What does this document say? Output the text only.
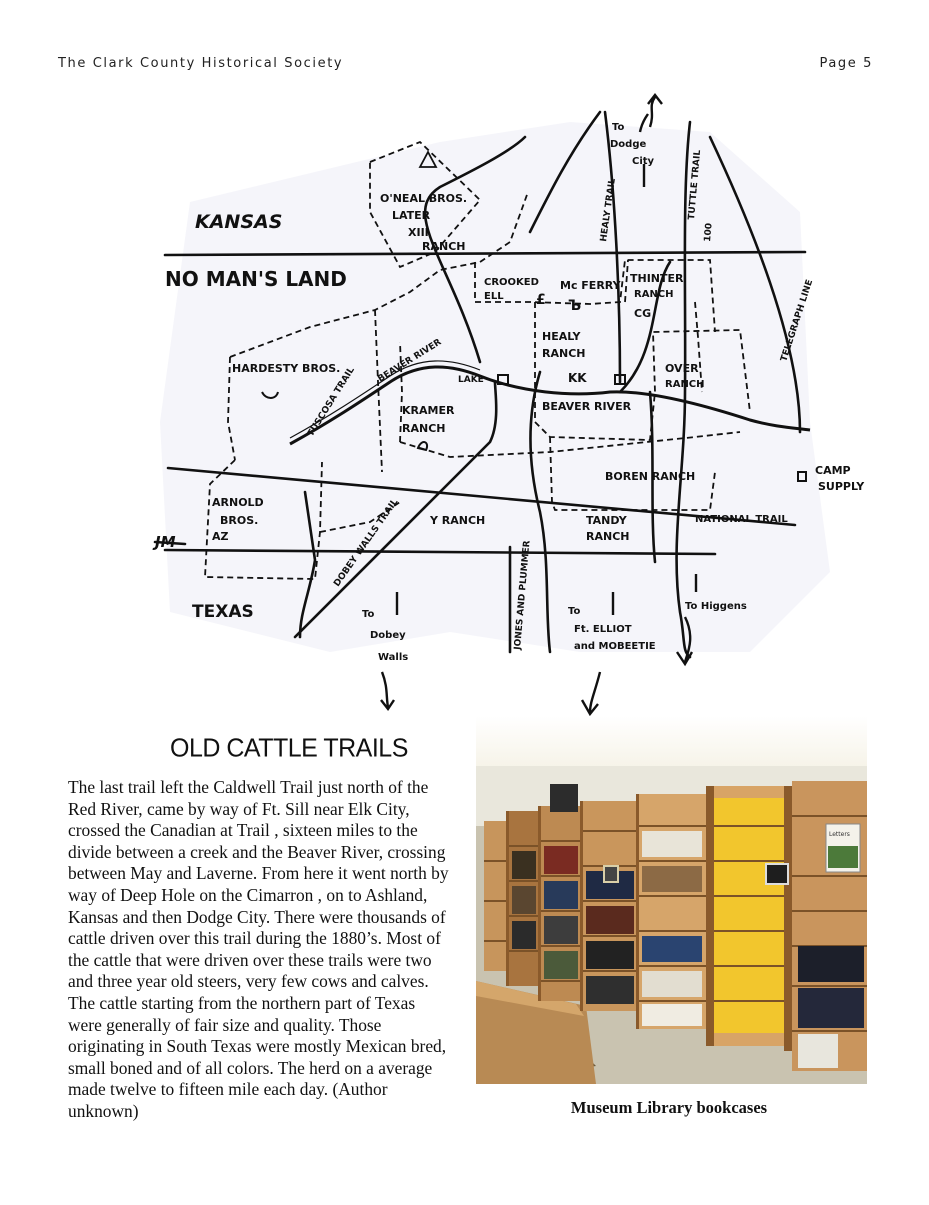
The Clark County Historical Society	Page 5
KANSAS
NO MAN'S LAND
TEXAS
O'NEAL BROS.
LATER
XIII
RANCH
CROOKED
ELL £
Mc FERRY
Ъ
THINTER
RANCH
CG
HARDESTY BROS.
HEALY
RANCH
KK
OVER
RANCH
LAKE
KRAMER
RANCH
BEAVER RIVER
BEAVER RIVER
TUSCOSA TRAIL
BOREN RANCH
ARNOLD
BROS.
AZ
Y RANCH	TANDY
RANCH
NATIONAL TRAIL
CAMP
SUPPLY
To
Dodge
City
HEALY TRAIL	TUTTLE TRAIL
100
TELEGRAPH LINE
DOBEY WALLS TRAIL	JONES AND PLUMMER
To
Dobey
Walls
To
Ft. ELLIOT
and MOBEETIE
To Higgens
JM
OLD CATTLE TRAILS

The last trail left the Caldwell Trail just north of the Red River, came by way of Ft. Sill near Elk City, crossed the Canadian at Trail , sixteen miles to the divide between a creek and the Beaver River, crossing between May and Laverne. From here it went north by way of Deep Hole on the Cimarron , on to Ashland, Kansas and then Dodge City. There were thousands of cattle driven over this trail during the 1880’s. Most of the cattle that were driven over these trails were two and three year old steers, very few cows and calves. The cattle starting from the northern part of Texas were generally of fair size and quality. Those originating in South Texas were mostly Mexican bred, small boned and of all colors. The herd on a average made twelve to fifteen mile each day. (Author unknown)

Letters
Museum Library bookcases
